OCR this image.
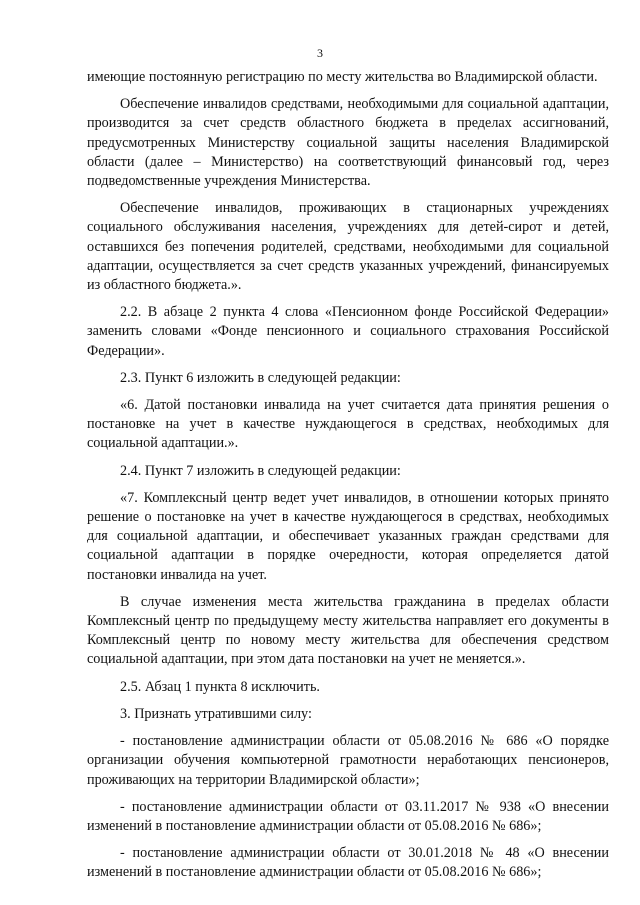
3

имеющие постоянную регистрацию по месту жительства во Владимирской области.

Обеспечение инвалидов средствами, необходимыми для социальной адаптации, производится за счет средств областного бюджета в пределах ассигнований, предусмотренных Министерству социальной защиты населения Владимирской области (далее – Министерство) на соответствующий финансовый год, через подведомственные учреждения Министерства.

Обеспечение инвалидов, проживающих в стационарных учреждениях социального обслуживания населения, учреждениях для детей-сирот и детей, оставшихся без попечения родителей, средствами, необходимыми для социальной адаптации, осуществляется за счет средств указанных учреждений, финансируемых из областного бюджета.».

2.2. В абзаце 2 пункта 4 слова «Пенсионном фонде Российской Федерации» заменить словами «Фонде пенсионного и социального страхования Российской Федерации».

2.3. Пункт 6 изложить в следующей редакции:

«6. Датой постановки инвалида на учет считается дата принятия решения о постановке на учет в качестве нуждающегося в средствах, необходимых для социальной адаптации.».

2.4. Пункт 7 изложить в следующей редакции:

«7. Комплексный центр ведет учет инвалидов, в отношении которых принято решение о постановке на учет в качестве нуждающегося в средствах, необходимых для социальной адаптации, и обеспечивает указанных граждан средствами для социальной адаптации в порядке очередности, которая определяется датой постановки инвалида на учет.

В случае изменения места жительства гражданина в пределах области Комплексный центр по предыдущему месту жительства направляет его документы в Комплексный центр по новому месту жительства для обеспечения средством социальной адаптации, при этом дата постановки на учет не меняется.».

2.5. Абзац 1 пункта 8 исключить.

3. Признать утратившими силу:

- постановление администрации области от 05.08.2016 № 686 «О порядке организации обучения компьютерной грамотности неработающих пенсионеров, проживающих на территории Владимирской области»;

- постановление администрации области от 03.11.2017 № 938 «О внесении изменений в постановление администрации области от 05.08.2016 № 686»;

- постановление администрации области от 30.01.2018 № 48 «О внесении изменений в постановление администрации области от 05.08.2016 № 686»;
